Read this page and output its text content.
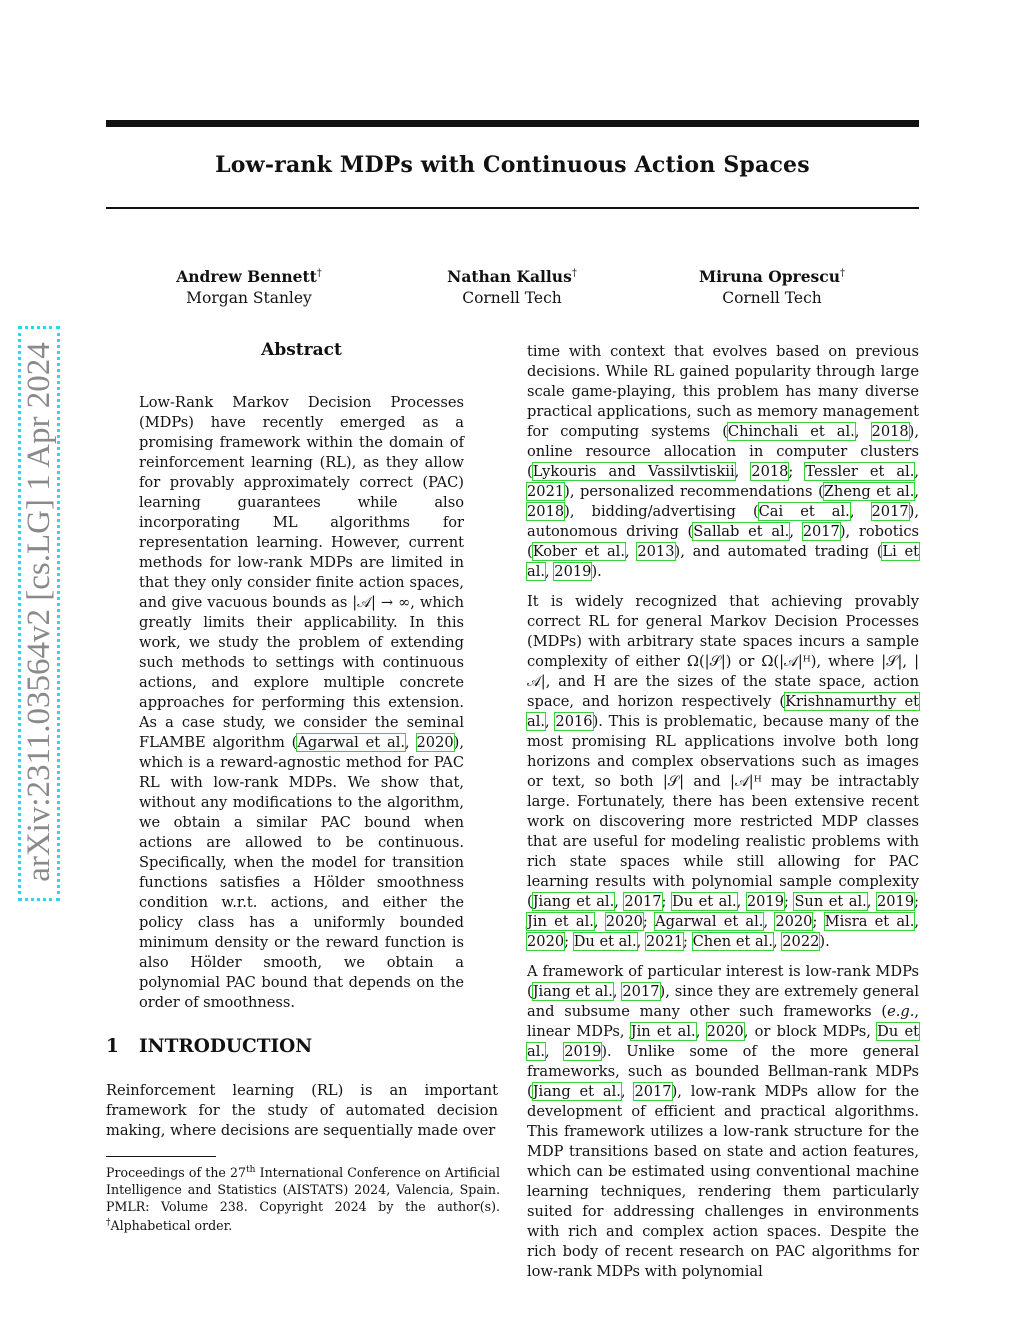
Low-rank MDPs with Continuous Action Spaces
Andrew Bennett†
Morgan Stanley
Nathan Kallus†
Cornell Tech
Miruna Oprescu†
Cornell Tech
arXiv:2311.03564v2 [cs.LG] 1 Apr 2024	Abstract

Low-Rank Markov Decision Processes (MDPs) have recently emerged as a promising framework within the domain of reinforcement learning (RL), as they allow for provably approximately correct (PAC) learning guarantees while also incorporating ML algorithms for representation learning. However, current methods for low-rank MDPs are limited in that they only consider finite action spaces, and give vacuous bounds as |𝒜| → ∞, which greatly limits their applicability. In this work, we study the problem of extending such methods to settings with continuous actions, and explore multiple concrete approaches for performing this extension. As a case study, we consider the seminal FLAMBE algorithm (Agarwal et al., 2020), which is a reward-agnostic method for PAC RL with low-rank MDPs. We show that, without any modifications to the algorithm, we obtain a similar PAC bound when actions are allowed to be continuous. Specifically, when the model for transition functions satisfies a Hölder smoothness condition w.r.t. actions, and either the policy class has a uniformly bounded minimum density or the reward function is also Hölder smooth, we obtain a polynomial PAC bound that depends on the order of smoothness.

1 INTRODUCTION

Reinforcement learning (RL) is an important framework for the study of automated decision making, where decisions are sequentially made over

Proceedings of the 27th International Conference on Artificial Intelligence and Statistics (AISTATS) 2024, Valencia, Spain. PMLR: Volume 238. Copyright 2024 by the author(s). †Alphabetical order.

time with context that evolves based on previous decisions. While RL gained popularity through large scale game-playing, this problem has many diverse practical applications, such as memory management for computing systems (Chinchali et al., 2018), online resource allocation in computer clusters (Lykouris and Vassilvtiskii, 2018; Tessler et al., 2021), personalized recommendations (Zheng et al., 2018), bidding/advertising (Cai et al., 2017), autonomous driving (Sallab et al., 2017), robotics (Kober et al., 2013), and automated trading (Li et al., 2019).

It is widely recognized that achieving provably correct RL for general Markov Decision Processes (MDPs) with arbitrary state spaces incurs a sample complexity of either Ω(|𝒮|) or Ω(|𝒜|ᴴ), where |𝒮|, |𝒜|, and H are the sizes of the state space, action space, and horizon respectively (Krishnamurthy et al., 2016). This is problematic, because many of the most promising RL applications involve both long horizons and complex observations such as images or text, so both |𝒮| and |𝒜|ᴴ may be intractably large. Fortunately, there has been extensive recent work on discovering more restricted MDP classes that are useful for modeling realistic problems with rich state spaces while still allowing for PAC learning results with polynomial sample complexity (Jiang et al., 2017; Du et al., 2019; Sun et al., 2019; Jin et al., 2020; Agarwal et al., 2020; Misra et al., 2020; Du et al., 2021; Chen et al., 2022).

A framework of particular interest is low-rank MDPs (Jiang et al., 2017), since they are extremely general and subsume many other such frameworks (e.g., linear MDPs, Jin et al., 2020, or block MDPs, Du et al., 2019). Unlike some of the more general frameworks, such as bounded Bellman-rank MDPs (Jiang et al., 2017), low-rank MDPs allow for the development of efficient and practical algorithms. This framework utilizes a low-rank structure for the MDP transitions based on state and action features, which can be estimated using conventional machine learning techniques, rendering them particularly suited for addressing challenges in environments with rich and complex action spaces. Despite the rich body of recent research on PAC algorithms for low-rank MDPs with polynomial
